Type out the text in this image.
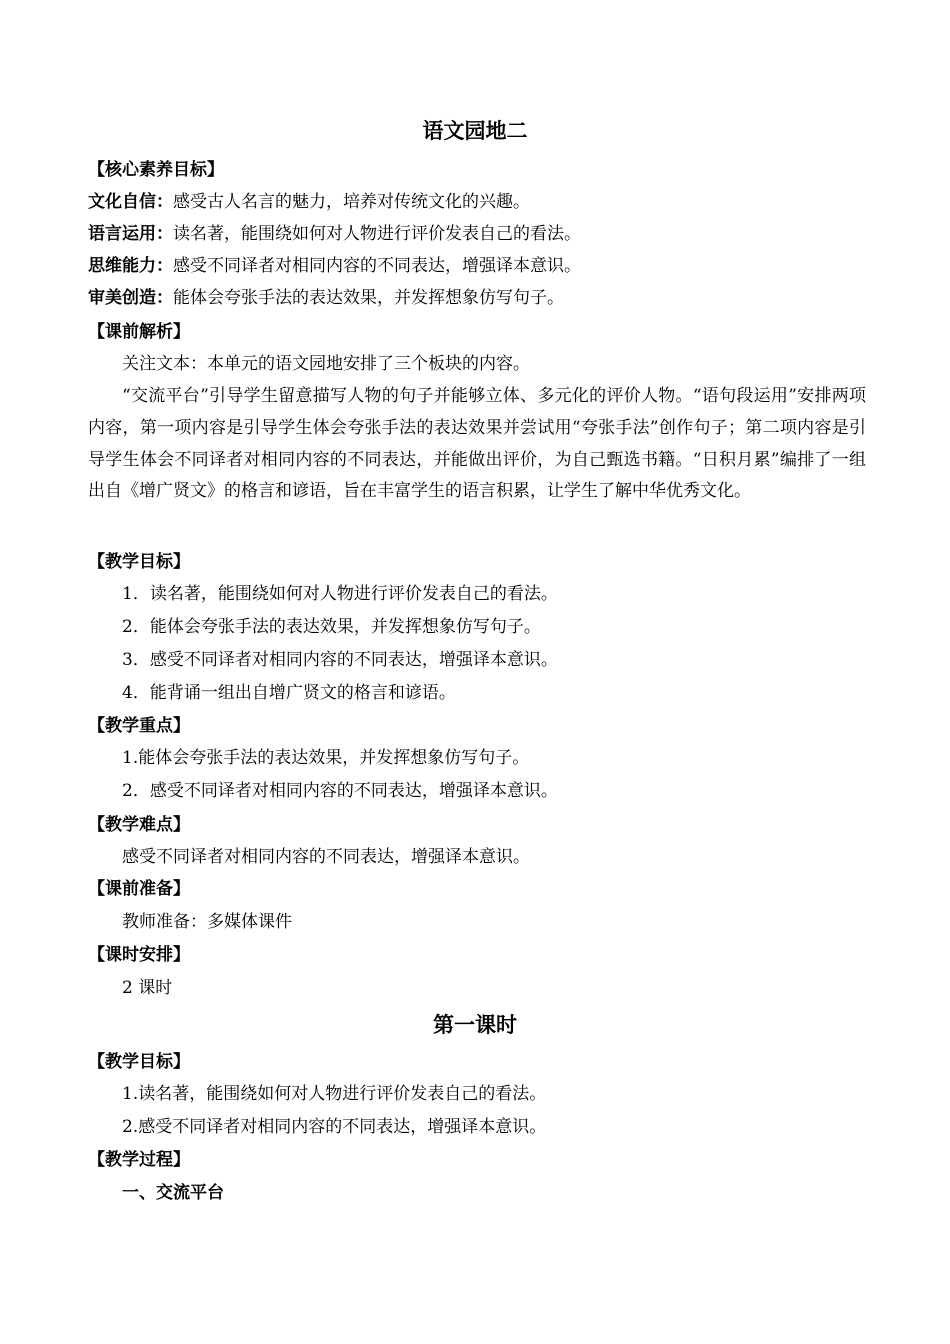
语文园地二
【核心素养目标】
文化自信：感受古人名言的魅力，培养对传统文化的兴趣。
语言运用：读名著，能围绕如何对人物进行评价发表自己的看法。
思维能力：感受不同译者对相同内容的不同表达，增强译本意识。
审美创造：能体会夸张手法的表达效果，并发挥想象仿写句子。
【课前解析】
关注文本：本单元的语文园地安排了三个板块的内容。
“交流平台”引导学生留意描写人物的句子并能够立体、多元化的评价人物。“语句段运用”安排两项内容，第一项内容是引导学生体会夸张手法的表达效果并尝试用“夸张手法”创作句子；第二项内容是引导学生体会不同译者对相同内容的不同表达，并能做出评价，为自己甄选书籍。“日积月累”编排了一组出自《增广贤文》的格言和谚语，旨在丰富学生的语言积累，让学生了解中华优秀文化。
【教学目标】
1．读名著，能围绕如何对人物进行评价发表自己的看法。
2．能体会夸张手法的表达效果，并发挥想象仿写句子。
3．感受不同译者对相同内容的不同表达，增强译本意识。
4．能背诵一组出自增广贤文的格言和谚语。
【教学重点】
1.能体会夸张手法的表达效果，并发挥想象仿写句子。
2．感受不同译者对相同内容的不同表达，增强译本意识。
【教学难点】
感受不同译者对相同内容的不同表达，增强译本意识。
【课前准备】
教师准备：多媒体课件
【课时安排】
2 课时
第一课时
【教学目标】
1.读名著，能围绕如何对人物进行评价发表自己的看法。
2.感受不同译者对相同内容的不同表达，增强译本意识。
【教学过程】
一、交流平台
